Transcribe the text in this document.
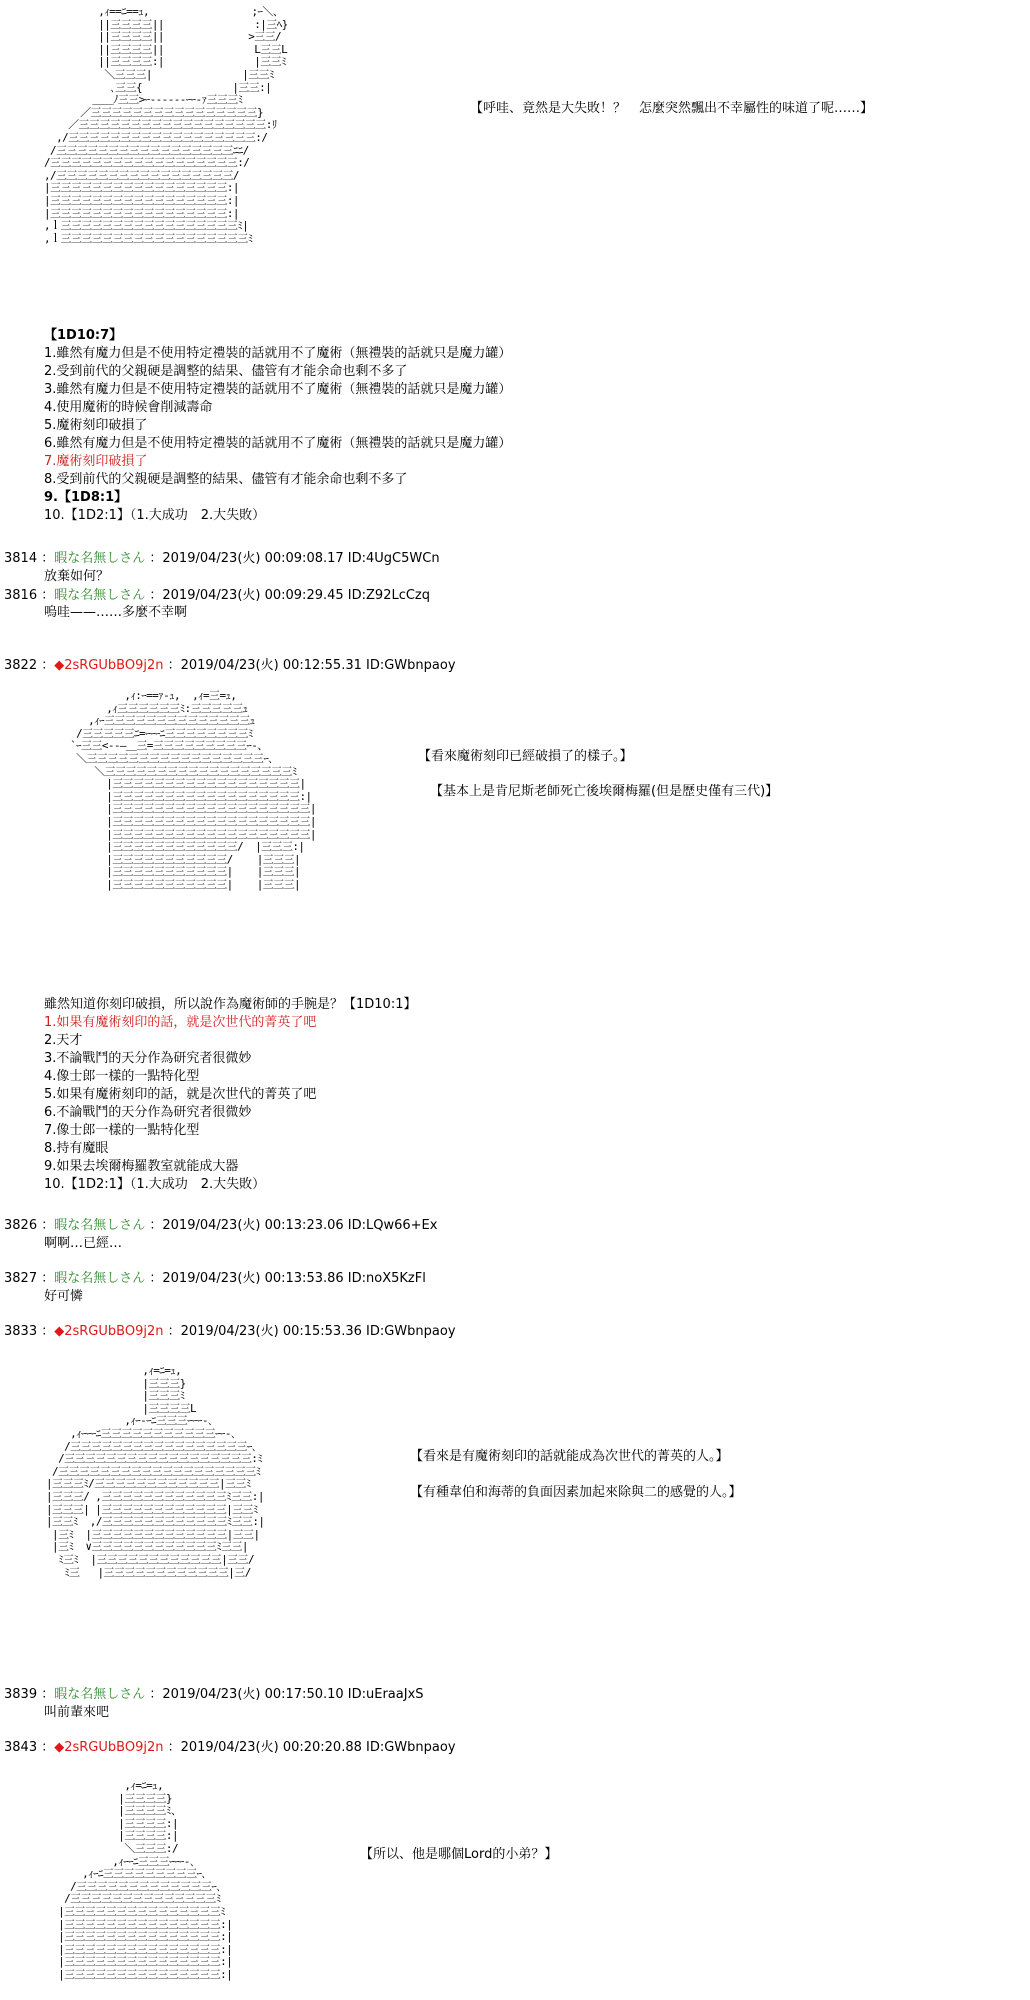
,ｨ==ﾆ==ｭ,                 ;ｰ＼、
||三三三三||               :|三ﾍ}
||三三三三||              >三三/
||三三三三||               L三三L
||三三三三:|               |三三ﾐ
＼三三三|               |三三ﾐ
､三三{               |三三:|
＿＿ﾉ三三>ｰ‐-----ｰｰ‐ｧ三三三ﾐ
／三三三三三三三三三三三三三三三三}
／三三三三三三三三三三三三三三三三三三:ﾘ
,/三三三三三三三三三三三三三三三三三三:/
/三三三三三三三三三三三三三三三三三ﾆﾆ/
/三三三三三三三三三三三三三三三三三三:/
,/三三三三三三三三三三三三三三三三三/
|三三三三三三三三三三三三三三三三三:|
|三三三三三三三三三三三三三三三三三:|
|三三三三三三三三三三三三三三三三三:|
,ｌ三三三三三三三三三三三三三三三三三ﾐ|
,ｌ三三三三三三三三三三三三三三三三三三ﾐ
【呼哇、竟然是大失敗！？　怎麼突然飄出不幸屬性的味道了呢……】
【1D10:7】
1.雖然有魔力但是不使用特定禮裝的話就用不了魔術（無禮裝的話就只是魔力罐）
2.受到前代的父親硬是調整的結果、儘管有才能余命也剩不多了
3.雖然有魔力但是不使用特定禮裝的話就用不了魔術（無禮裝的話就只是魔力罐）
4.使用魔術的時候會削減壽命
5.魔術刻印破損了
6.雖然有魔力但是不使用特定禮裝的話就用不了魔術（無禮裝的話就只是魔力罐）
7.魔術刻印破損了
8.受到前代的父親硬是調整的結果、儘管有才能余命也剩不多了
9.【1D8:1】
10.【1D2:1】（1.大成功　2.大失敗）
3814 ：暇な名無しさん ：2019/04/23(火) 00:09:08.17 ID:4UgC5WCn
放棄如何？
3816 ：暇な名無しさん ：2019/04/23(火) 00:09:29.45 ID:Z92LcCzq
嗚哇——……多麼不幸啊
3822 ：◆2sRGUbBO9j2n ：2019/04/23(火) 00:12:55.31 ID:GWbnpaoy
,ｨ:ｰ==ｧ-ｭ,  ,ｨ=三=ｭ,
,ｨ三三三三三三ﾐ:三三三三三ｭ
,ｨｰ三三三三三三三三三三三三三三ｭ
/三三三三三ﾆ=ｰｰｰﾆ三三三三三三三三ﾐ
`ｰ三三<--―＿三=三三三三三三三三三ｰ‐、
＼三三三三三三三三三三三三三三三三三ｰ､
＼三三三三三三三三三三三三三三三三三三ﾐ
|三三三三三三三三三三三三三三三三三三|
|三三三三三三三三三三三三三三三三三三:|
|三三三三三三三三三三三三三三三三三三三|
|三三三三三三三三三三三三三三三三三三三|
|三三三三三三三三三三三三三三三三三三三|
|三三三三三三三三三三三三/  |三三三:|
|三三三三三三三三三三三/    |三三三|
|三三三三三三三三三三三|    |三三三|
|三三三三三三三三三三三|    |三三三|
【看來魔術刻印已經破損了的樣子。】
【基本上是肯尼斯老師死亡後埃爾梅羅(但是歷史僅有三代)】
雖然知道你刻印破損，所以說作為魔術師的手腕是？【1D10:1】
1.如果有魔術刻印的話，就是次世代的菁英了吧
2.天才
3.不論戰鬥的天分作為研究者很微妙
4.像士郎一樣的一點特化型
5.如果有魔術刻印的話，就是次世代的菁英了吧
6.不論戰鬥的天分作為研究者很微妙
7.像士郎一樣的一點特化型
8.持有魔眼
9.如果去埃爾梅羅教室就能成大器
10.【1D2:1】（1.大成功　2.大失敗）
3826 ：暇な名無しさん ：2019/04/23(火) 00:13:23.06 ID:LQw66+Ex
啊啊…已經…
3827 ：暇な名無しさん ：2019/04/23(火) 00:13:53.86 ID:noX5KzFl
好可憐
3833 ：◆2sRGUbBO9j2n ：2019/04/23(火) 00:15:53.36 ID:GWbnpaoy
,ｨ=ﾆ=ｭ,
|三三三}
|三三三ﾐ
|三三三三L
,ｨｰ-ｰﾆ三三三ｰｰｰ-､
,ｨｰｰｰﾆ三三三三三三三三三三三ｰｰ-､
/三三三三三三三三三三三三三三三三三ｰ､
/三三三三三三三三三三三三三三三三三三:ﾐ
/三三三三三三三三三三三三三三三三三三三ﾐ
|三三三ﾐ/三三三三三三三三三三三三|三三ﾐ
|三三三/ ,三三三三三三三三三三三三ﾐ三三:|
|三三三| |三三三三三三三三三三三三|三三ﾐ
|三三ﾐ  ,/三三三三三三三三三三三三ﾐ三三:|
|三ﾐ  |三三三三三三三三三三三三三|三三|
|三ﾐ  ∨三三三三三三三三三三三三ﾐ三三|
ﾐ三ﾐ  |三三三三三三三三三三三三|三三/
ﾐ三   |三三三三三三三三三三三三|三/
【看來是有魔術刻印的話就能成為次世代的菁英的人。】
【有種韋伯和海蒂的負面因素加起來除與二的感覺的人。】
3839 ：暇な名無しさん ：2019/04/23(火) 00:17:50.10 ID:uEraaJxS
叫前輩來吧
3843 ：◆2sRGUbBO9j2n ：2019/04/23(火) 00:20:20.88 ID:GWbnpaoy
,ｨ=ﾆ=ｭ,
|三三三三}
|三三三三ﾐ、
|三三三三:|
|三三三三:|
＼三三三:/
,ｨｰｰﾆ三三三ｰｰｰ-､
,ｨｰﾆ三三三三三三三三三ｰ､
/三三三三三三三三三三三三三ｰ､
/三三三三三三三三三三三三三三ﾐ
|三三三三三三三三三三三三三三三ﾐ
|三三三三三三三三三三三三三三三:|
|三三三三三三三三三三三三三三三:|
|三三三三三三三三三三三三三三三:|
|三三三三三三三三三三三三三三三:|
|三三三三三三三三三三三三三三三:|
【所以、他是哪個Lord的小弟？】
